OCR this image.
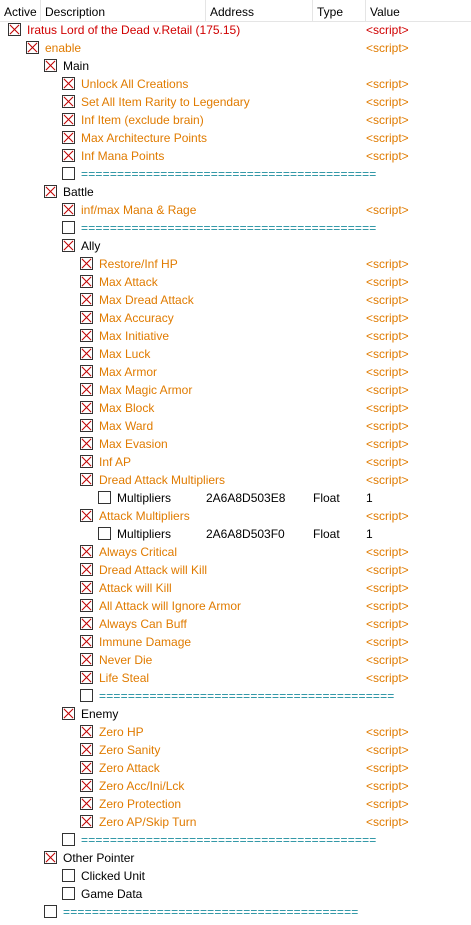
Active Description	Address	Type	Value
Iratus Lord of the Dead v.Retail (175.15)	<script>
enable	<script>
Main
Unlock All Creations	<script>
Set All Item Rarity to Legendary	<script>
Inf Item (exclude brain)	<script>
Max Architecture Points	<script>
Inf Mana Points	<script>
=========================================
Battle
inf/max Mana & Rage	<script>
=========================================
Ally
Restore/Inf HP	<script>
Max Attack	<script>
Max Dread Attack	<script>
Max Accuracy	<script>
Max Initiative	<script>
Max Luck	<script>
Max Armor	<script>
Max Magic Armor	<script>
Max Block	<script>
Max Ward	<script>
Max Evasion	<script>
Inf AP	<script>
Dread Attack Multipliers	<script>
Multipliers	2A6A8D503E8 Float 1
Attack Multipliers	<script>
Multipliers	2A6A8D503F0 Float 1
Always Critical	<script>
Dread Attack will Kill	<script>
Attack will Kill	<script>
All Attack will Ignore Armor	<script>
Always Can Buff	<script>
Immune Damage	<script>
Never Die	<script>
Life Steal	<script>
=========================================
Enemy
Zero HP	<script>
Zero Sanity	<script>
Zero Attack	<script>
Zero Acc/Ini/Lck	<script>
Zero Protection	<script>
Zero AP/Skip Turn	<script>
=========================================
Other Pointer
Clicked Unit
Game Data
=========================================
